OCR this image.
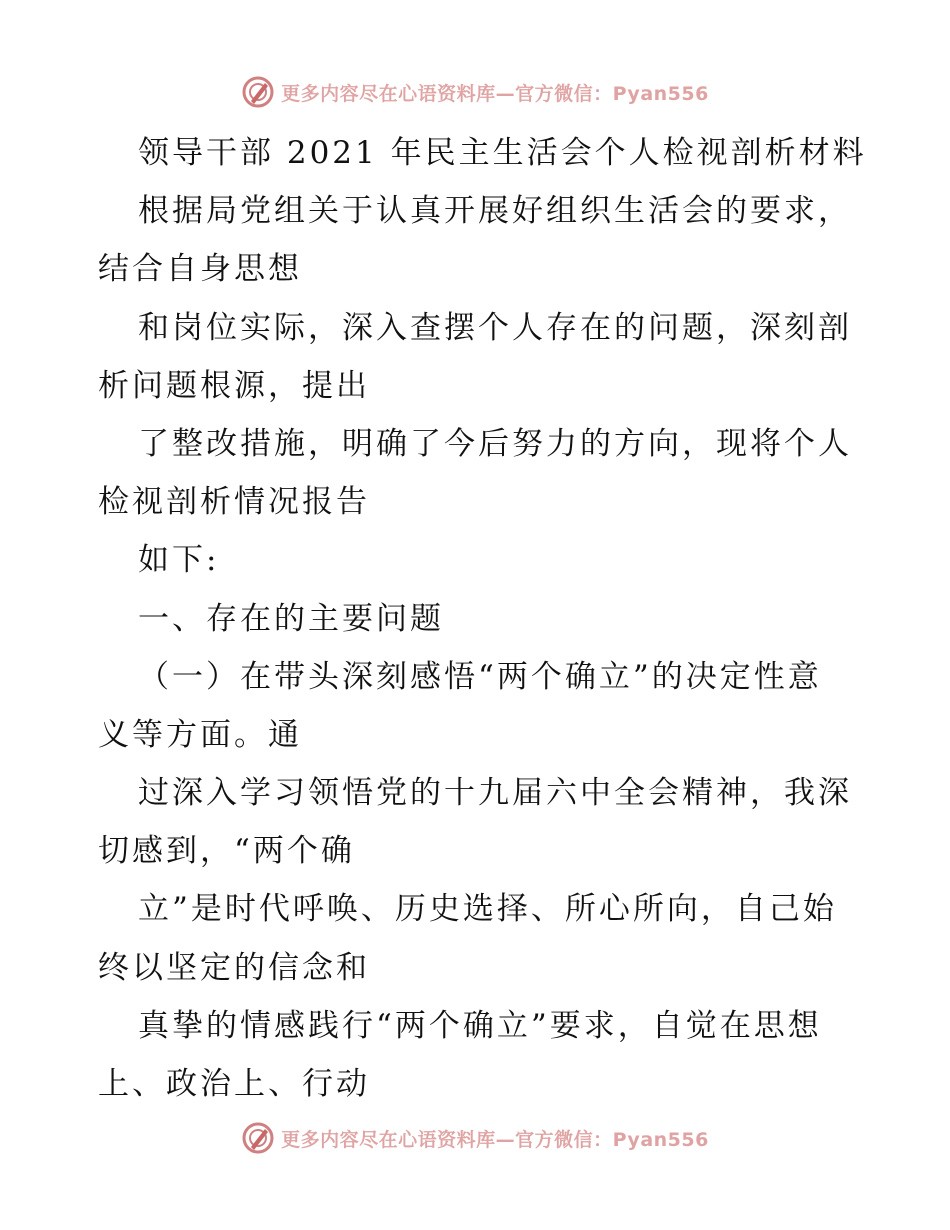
更多内容尽在心语资料库—官方微信：Pyan556
领导干部 2021 年民主生活会个人检视剖析材料
根据局党组关于认真开展好组织生活会的要求，
结合自身思想
和岗位实际，深入查摆个人存在的问题，深刻剖
析问题根源，提出
了整改措施，明确了今后努力的方向，现将个人
检视剖析情况报告
如下:
一、存在的主要问题
（一）在带头深刻感悟“两个确立”的决定性意
义等方面。通
过深入学习领悟党的十九届六中全会精神，我深
切感到，“两个确
立”是时代呼唤、历史选择、所心所向，自己始
终以坚定的信念和
真挚的情感践行“两个确立”要求，自觉在思想
上、政治上、行动
更多内容尽在心语资料库—官方微信：Pyan556
